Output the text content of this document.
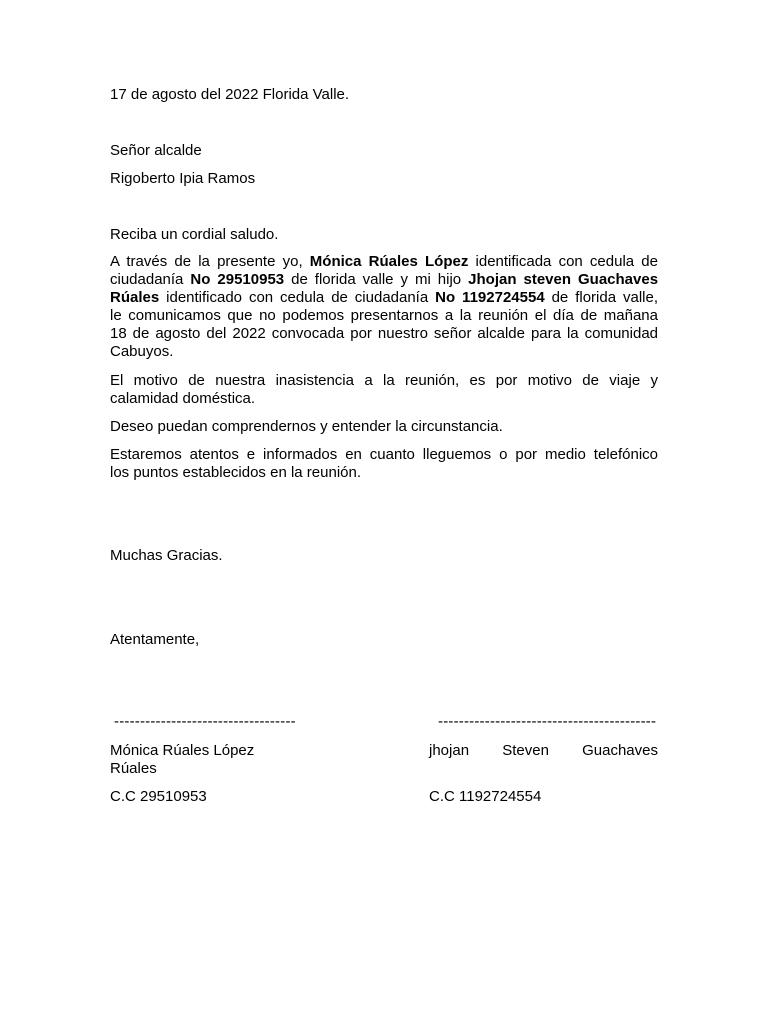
17 de agosto del 2022 Florida Valle.
Señor alcalde
Rigoberto Ipia Ramos
Reciba un cordial saludo.
A través de la presente yo, Mónica Rúales López identificada con cedula de
ciudadanía No 29510953 de florida valle y mi hijo Jhojan steven Guachaves
Rúales identificado con cedula de ciudadanía No 1192724554 de florida valle,
le comunicamos que no podemos presentarnos a la reunión el día de mañana
18 de agosto del 2022 convocada por nuestro señor alcalde para la comunidad
Cabuyos.
El motivo de nuestra inasistencia a la reunión, es por motivo de viaje y
calamidad doméstica.
Deseo puedan comprendernos y entender la circunstancia.
Estaremos atentos e informados en cuanto lleguemos o por medio telefónico
los puntos establecidos en la reunión.
Muchas Gracias.
Atentamente,
-----------------------------------
Mónica Rúales López
Rúales
C.C 29510953
------------------------------------------
jhojan Steven Guachaves
C.C 1192724554
